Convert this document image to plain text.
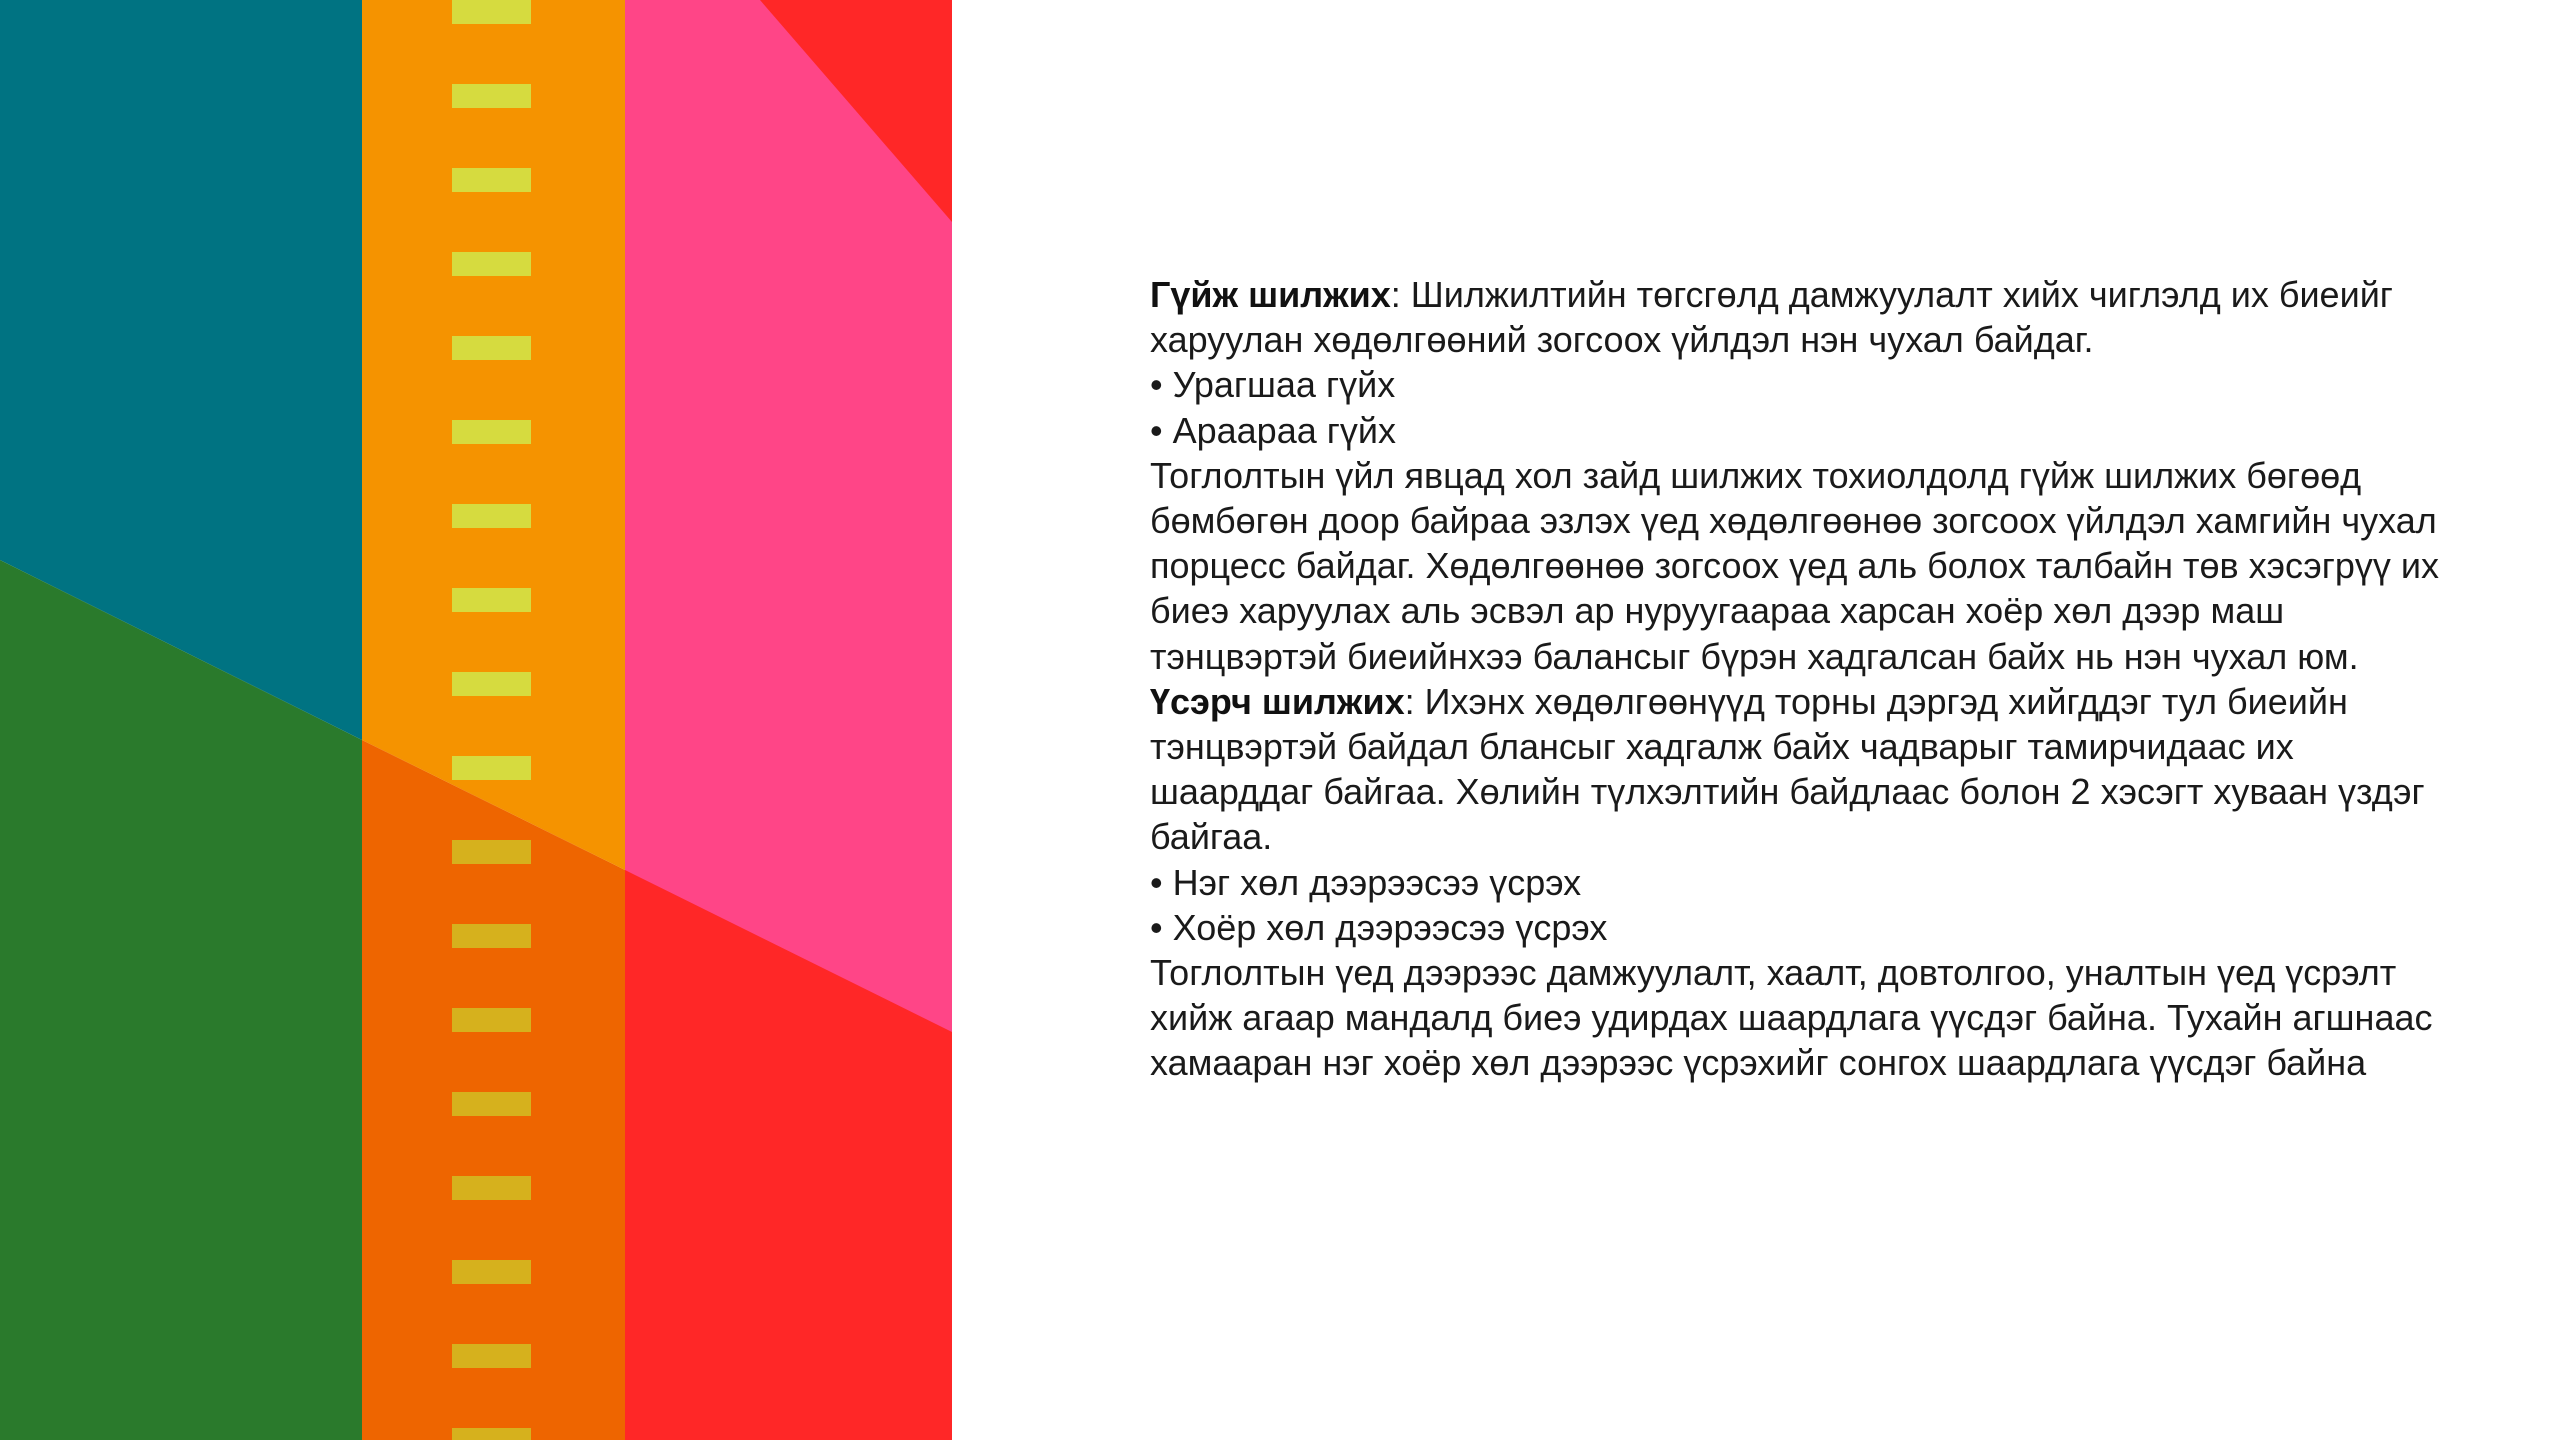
Гүйж шилжих: Шилжилтийн төгсгөлд дамжуулалт хийх чиглэлд их биеийг харуулан хөдөлгөөний зогсоох үйлдэл нэн чухал байдаг.

• Урагшаа гүйх

• Араараа гүйх

Тоглолтын үйл явцад хол зайд шилжих тохиолдолд гүйж шилжих бөгөөд бөмбөгөн доор байраа эзлэх үед хөдөлгөөнөө зогсоох үйлдэл хамгийн чухал порцесс байдаг. Хөдөлгөөнөө зогсоох үед аль болох талбайн төв хэсэгрүү их биеэ харуулах аль эсвэл ар нуруугаараа харсан хоёр хөл дээр маш тэнцвэртэй биеийнхээ балансыг бүрэн хадгалсан байх нь нэн чухал юм.

Үсэрч шилжих: Ихэнх хөдөлгөөнүүд торны дэргэд хийгддэг тул биеийн тэнцвэртэй байдал блансыг хадгалж байх чадварыг тамирчидаас их шаарддаг байгаа. Хөлийн түлхэлтийн байдлаас болон 2 хэсэгт хуваан үздэг байгаа.

• Нэг хөл дээрээсээ үсрэх

• Хоёр хөл дээрээсээ үсрэх

Тоглолтын үед дээрээс дамжуулалт, хаалт, довтолгоо, уналтын үед үсрэлт хийж агаар мандалд биеэ удирдах шаардлага үүсдэг байна. Тухайн агшнаас хамааран нэг хоёр хөл дээрээс үсрэхийг сонгох шаардлага үүсдэг байна
